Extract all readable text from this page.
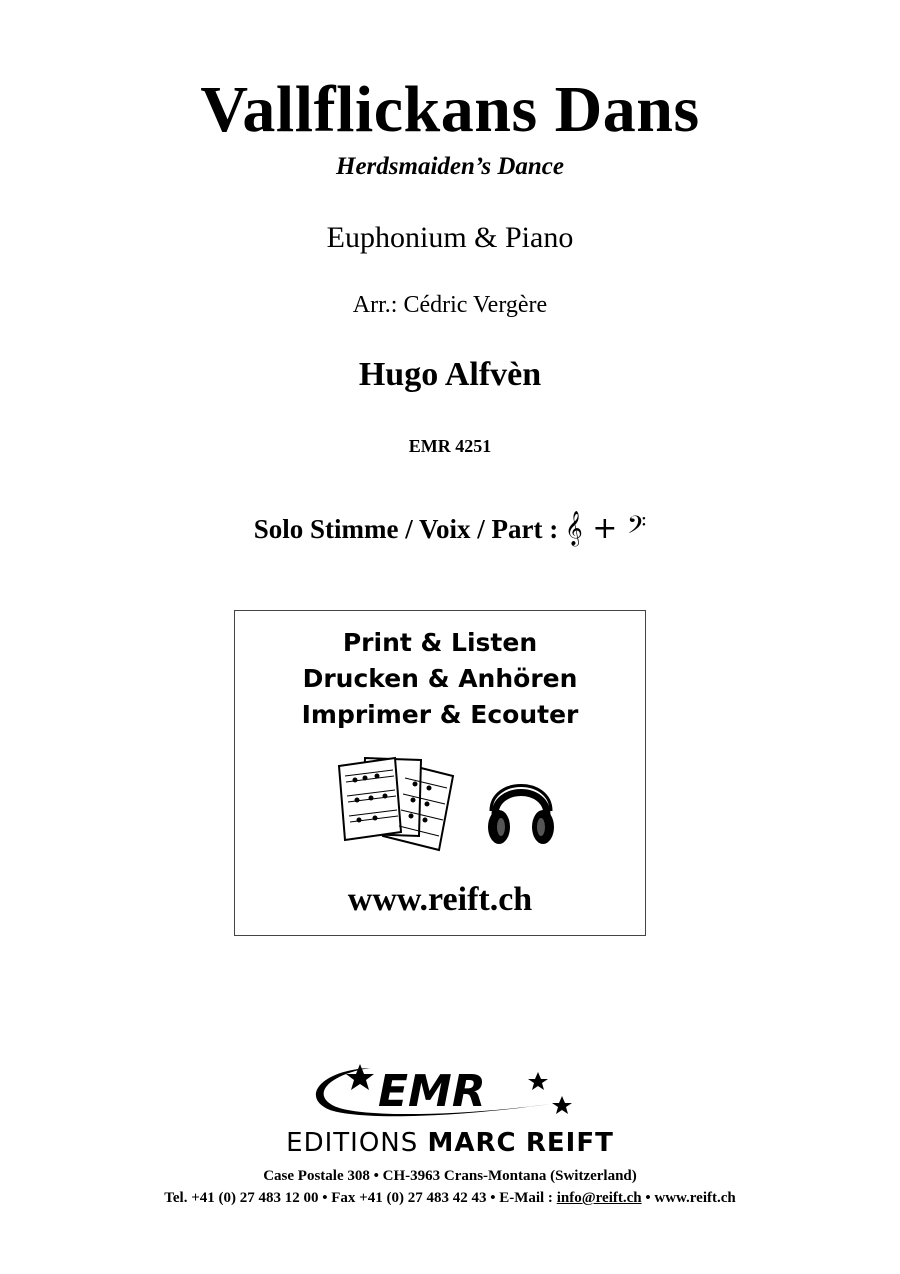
Vallflickans Dans
Herdsmaiden’s Dance
Euphonium & Piano
Arr.: Cédric Vergère
Hugo Alfvèn
EMR 4251
Solo Stimme / Voix / Part : 𝄞 + 𝄢
Print & Listen
Drucken & Anhören
Imprimer & Ecouter
www.reift.ch
EMR
EDITIONS MARC REIFT
Case Postale 308 • CH-3963 Crans-Montana (Switzerland)
Tel. +41 (0) 27 483 12 00 • Fax +41 (0) 27 483 42 43 • E-Mail : info@reift.ch • www.reift.ch
